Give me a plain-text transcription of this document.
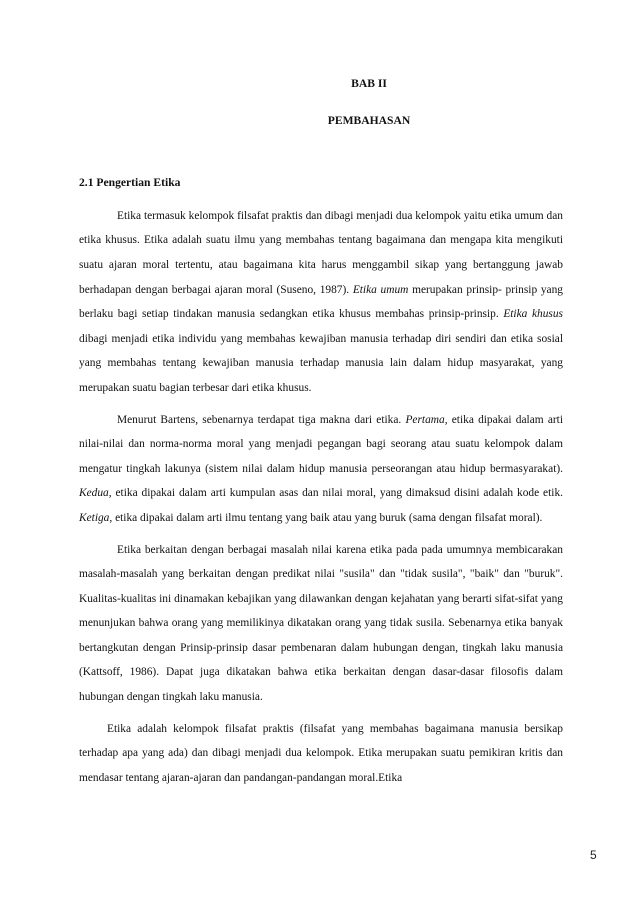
BAB II

PEMBAHASAN

2.1 Pengertian Etika

Etika termasuk kelompok filsafat praktis dan dibagi menjadi dua kelompok yaitu etika umum dan etika khusus. Etika adalah suatu ilmu yang membahas tentang bagaimana dan mengapa kita mengikuti suatu ajaran moral tertentu, atau bagaimana kita harus menggambil sikap yang bertanggung jawab berhadapan dengan berbagai ajaran moral (Suseno, 1987). Etika umum merupakan prinsip- prinsip yang berlaku bagi setiap tindakan manusia sedangkan etika khusus membahas prinsip-prinsip. Etika khusus dibagi menjadi etika individu yang membahas kewajiban manusia terhadap diri sendiri dan etika sosial yang membahas tentang kewajiban manusia terhadap manusia lain dalam hidup masyarakat, yang merupakan suatu bagian terbesar dari etika khusus.

Menurut Bartens, sebenarnya terdapat tiga makna dari etika. Pertama, etika dipakai dalam arti nilai-nilai dan norma-norma moral yang menjadi pegangan bagi seorang atau suatu kelompok dalam mengatur tingkah lakunya (sistem nilai dalam hidup manusia perseorangan atau hidup bermasyarakat). Kedua, etika dipakai dalam arti kumpulan asas dan nilai moral, yang dimaksud disini adalah kode etik. Ketiga, etika dipakai dalam arti ilmu tentang yang baik atau yang buruk (sama dengan filsafat moral).

Etika berkaitan dengan berbagai masalah nilai karena etika pada pada umumnya membicarakan masalah-masalah yang berkaitan dengan predikat nilai "susila" dan "tidak susila", "baik" dan "buruk". Kualitas-kualitas ini dinamakan kebajikan yang dilawankan dengan kejahatan yang berarti sifat-sifat yang menunjukan bahwa orang yang memilikinya dikatakan orang yang tidak susila. Sebenarnya etika banyak bertangkutan dengan Prinsip-prinsip dasar pembenaran dalam hubungan dengan, tingkah laku manusia (Kattsoff, 1986). Dapat juga dikatakan bahwa etika berkaitan dengan dasar-dasar filosofis dalam hubungan dengan tingkah laku manusia.

Etika adalah kelompok filsafat praktis (filsafat yang membahas bagaimana manusia bersikap terhadap apa yang ada) dan dibagi menjadi dua kelompok. Etika merupakan suatu pemikiran kritis dan mendasar tentang ajaran-ajaran dan pandangan-pandangan moral.Etika

5
